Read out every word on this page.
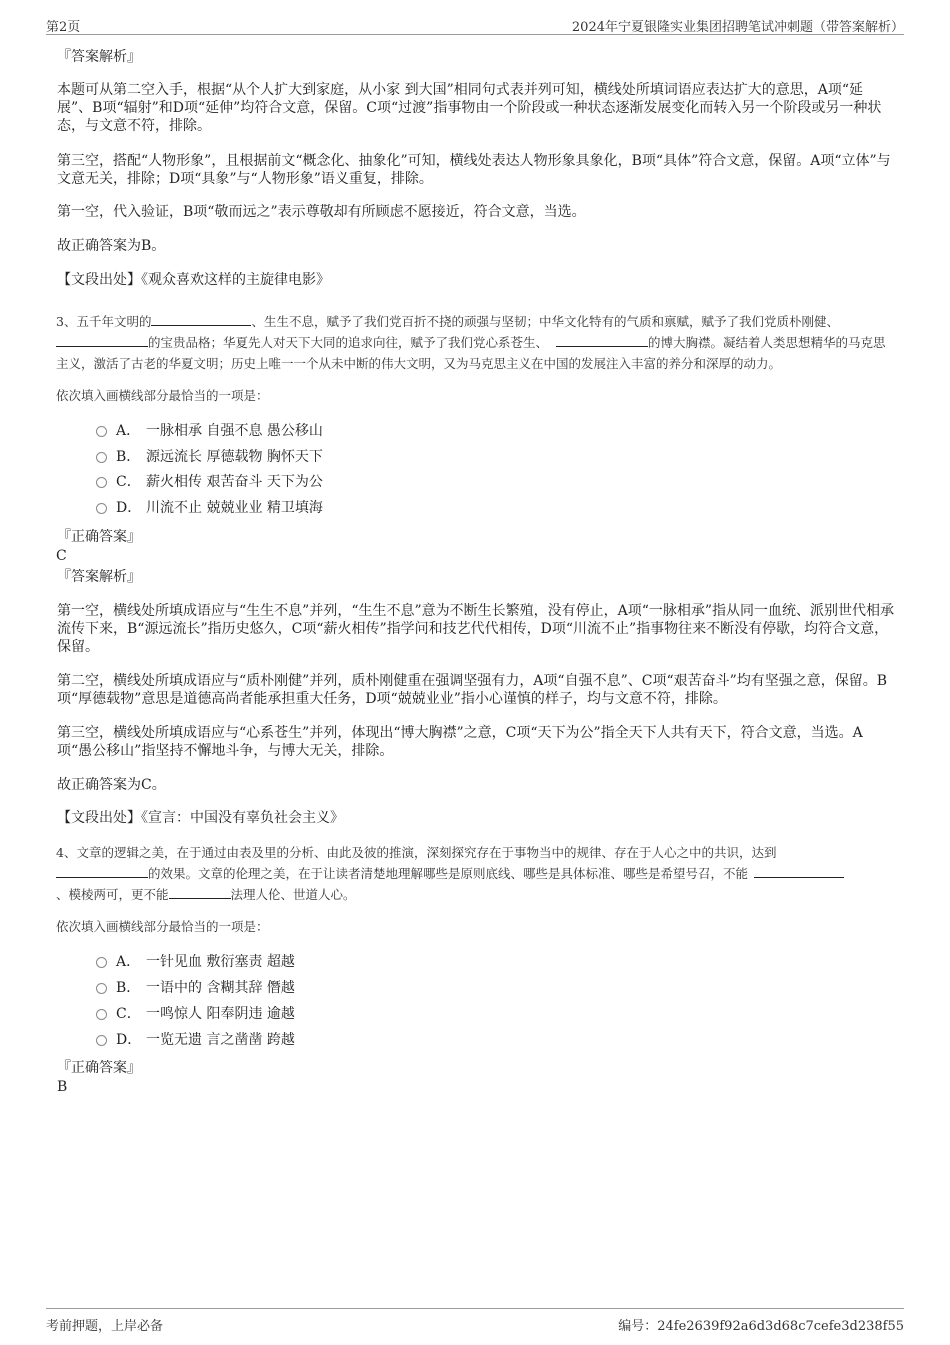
第2页	2024年宁夏银隆实业集团招聘笔试冲刺题（带答案解析）

『答案解析』

本题可从第二空入手，根据“从个人扩大到家庭，从小家 到大国”相同句式表并列可知，横线处所填词语应表达扩大的意思，A项“延展”、B项“辐射”和D项“延伸”均符合文意，保留。C项“过渡”指事物由一个阶段或一种状态逐渐发展变化而转入另一个阶段或另一种状态，与文意不符，排除。

第三空，搭配“人物形象”，且根据前文“概念化、抽象化”可知，横线处表达人物形象具象化，B项“具体”符合文意，保留。A项“立体”与文意无关，排除；D项“具象”与“人物形象”语义重复，排除。

第一空，代入验证，B项“敬而远之”表示尊敬却有所顾虑不愿接近，符合文意，当选。

故正确答案为B。

【文段出处】《观众喜欢这样的主旋律电影》

3、五千年文明的	、生生不息，赋予了我们党百折不挠的顽强与坚韧；中华文化特有的气质和禀赋，赋予了我们党质朴刚健、的宝贵品格；华夏先人对天下大同的追求向往，赋予了我们党心系苍生、	的博大胸襟。凝结着人类思想精华的马克思主义，激活了古老的华夏文明；历史上唯一一个从未中断的伟大文明，又为马克思主义在中国的发展注入丰富的养分和深厚的动力。

依次填入画横线部分最恰当的一项是：
A． 一脉相承 自强不息 愚公移山
B． 源远流长 厚德载物 胸怀天下
C． 薪火相传 艰苦奋斗 天下为公
D． 川流不止 兢兢业业 精卫填海

『正确答案』

C

『答案解析』

第一空，横线处所填成语应与“生生不息”并列，“生生不息”意为不断生长繁殖，没有停止，A项“一脉相承”指从同一血统、派别世代相承流传下来，B“源远流长”指历史悠久，C项“薪火相传”指学问和技艺代代相传，D项“川流不止”指事物往来不断没有停歇，均符合文意，保留。

第二空，横线处所填成语应与“质朴刚健”并列，质朴刚健重在强调坚强有力，A项“自强不息”、C项“艰苦奋斗”均有坚强之意，保留。B项“厚德载物”意思是道德高尚者能承担重大任务，D项“兢兢业业”指小心谨慎的样子，均与文意不符，排除。

第三空，横线处所填成语应与“心系苍生”并列，体现出“博大胸襟”之意，C项“天下为公”指全天下人共有天下，符合文意，当选。A项“愚公移山”指坚持不懈地斗争，与博大无关，排除。

故正确答案为C。

【文段出处】《宣言：中国没有辜负社会主义》

4、文章的逻辑之美，在于通过由表及里的分析、由此及彼的推演，深刻探究存在于事物当中的规律、存在于人心之中的共识，达到
的效果。文章的伦理之美，在于让读者清楚地理解哪些是原则底线、哪些是具体标准、哪些是希望号召，不能
、模棱两可，更不能	法理人伦、世道人心。

依次填入画横线部分最恰当的一项是：
A． 一针见血 敷衍塞责 超越
B． 一语中的 含糊其辞 僭越
C． 一鸣惊人 阳奉阴违 逾越
D． 一览无遗 言之凿凿 跨越

『正确答案』

B

考前押题，上岸必备	编号：24fe2639f92a6d3d68c7cefe3d238f55
